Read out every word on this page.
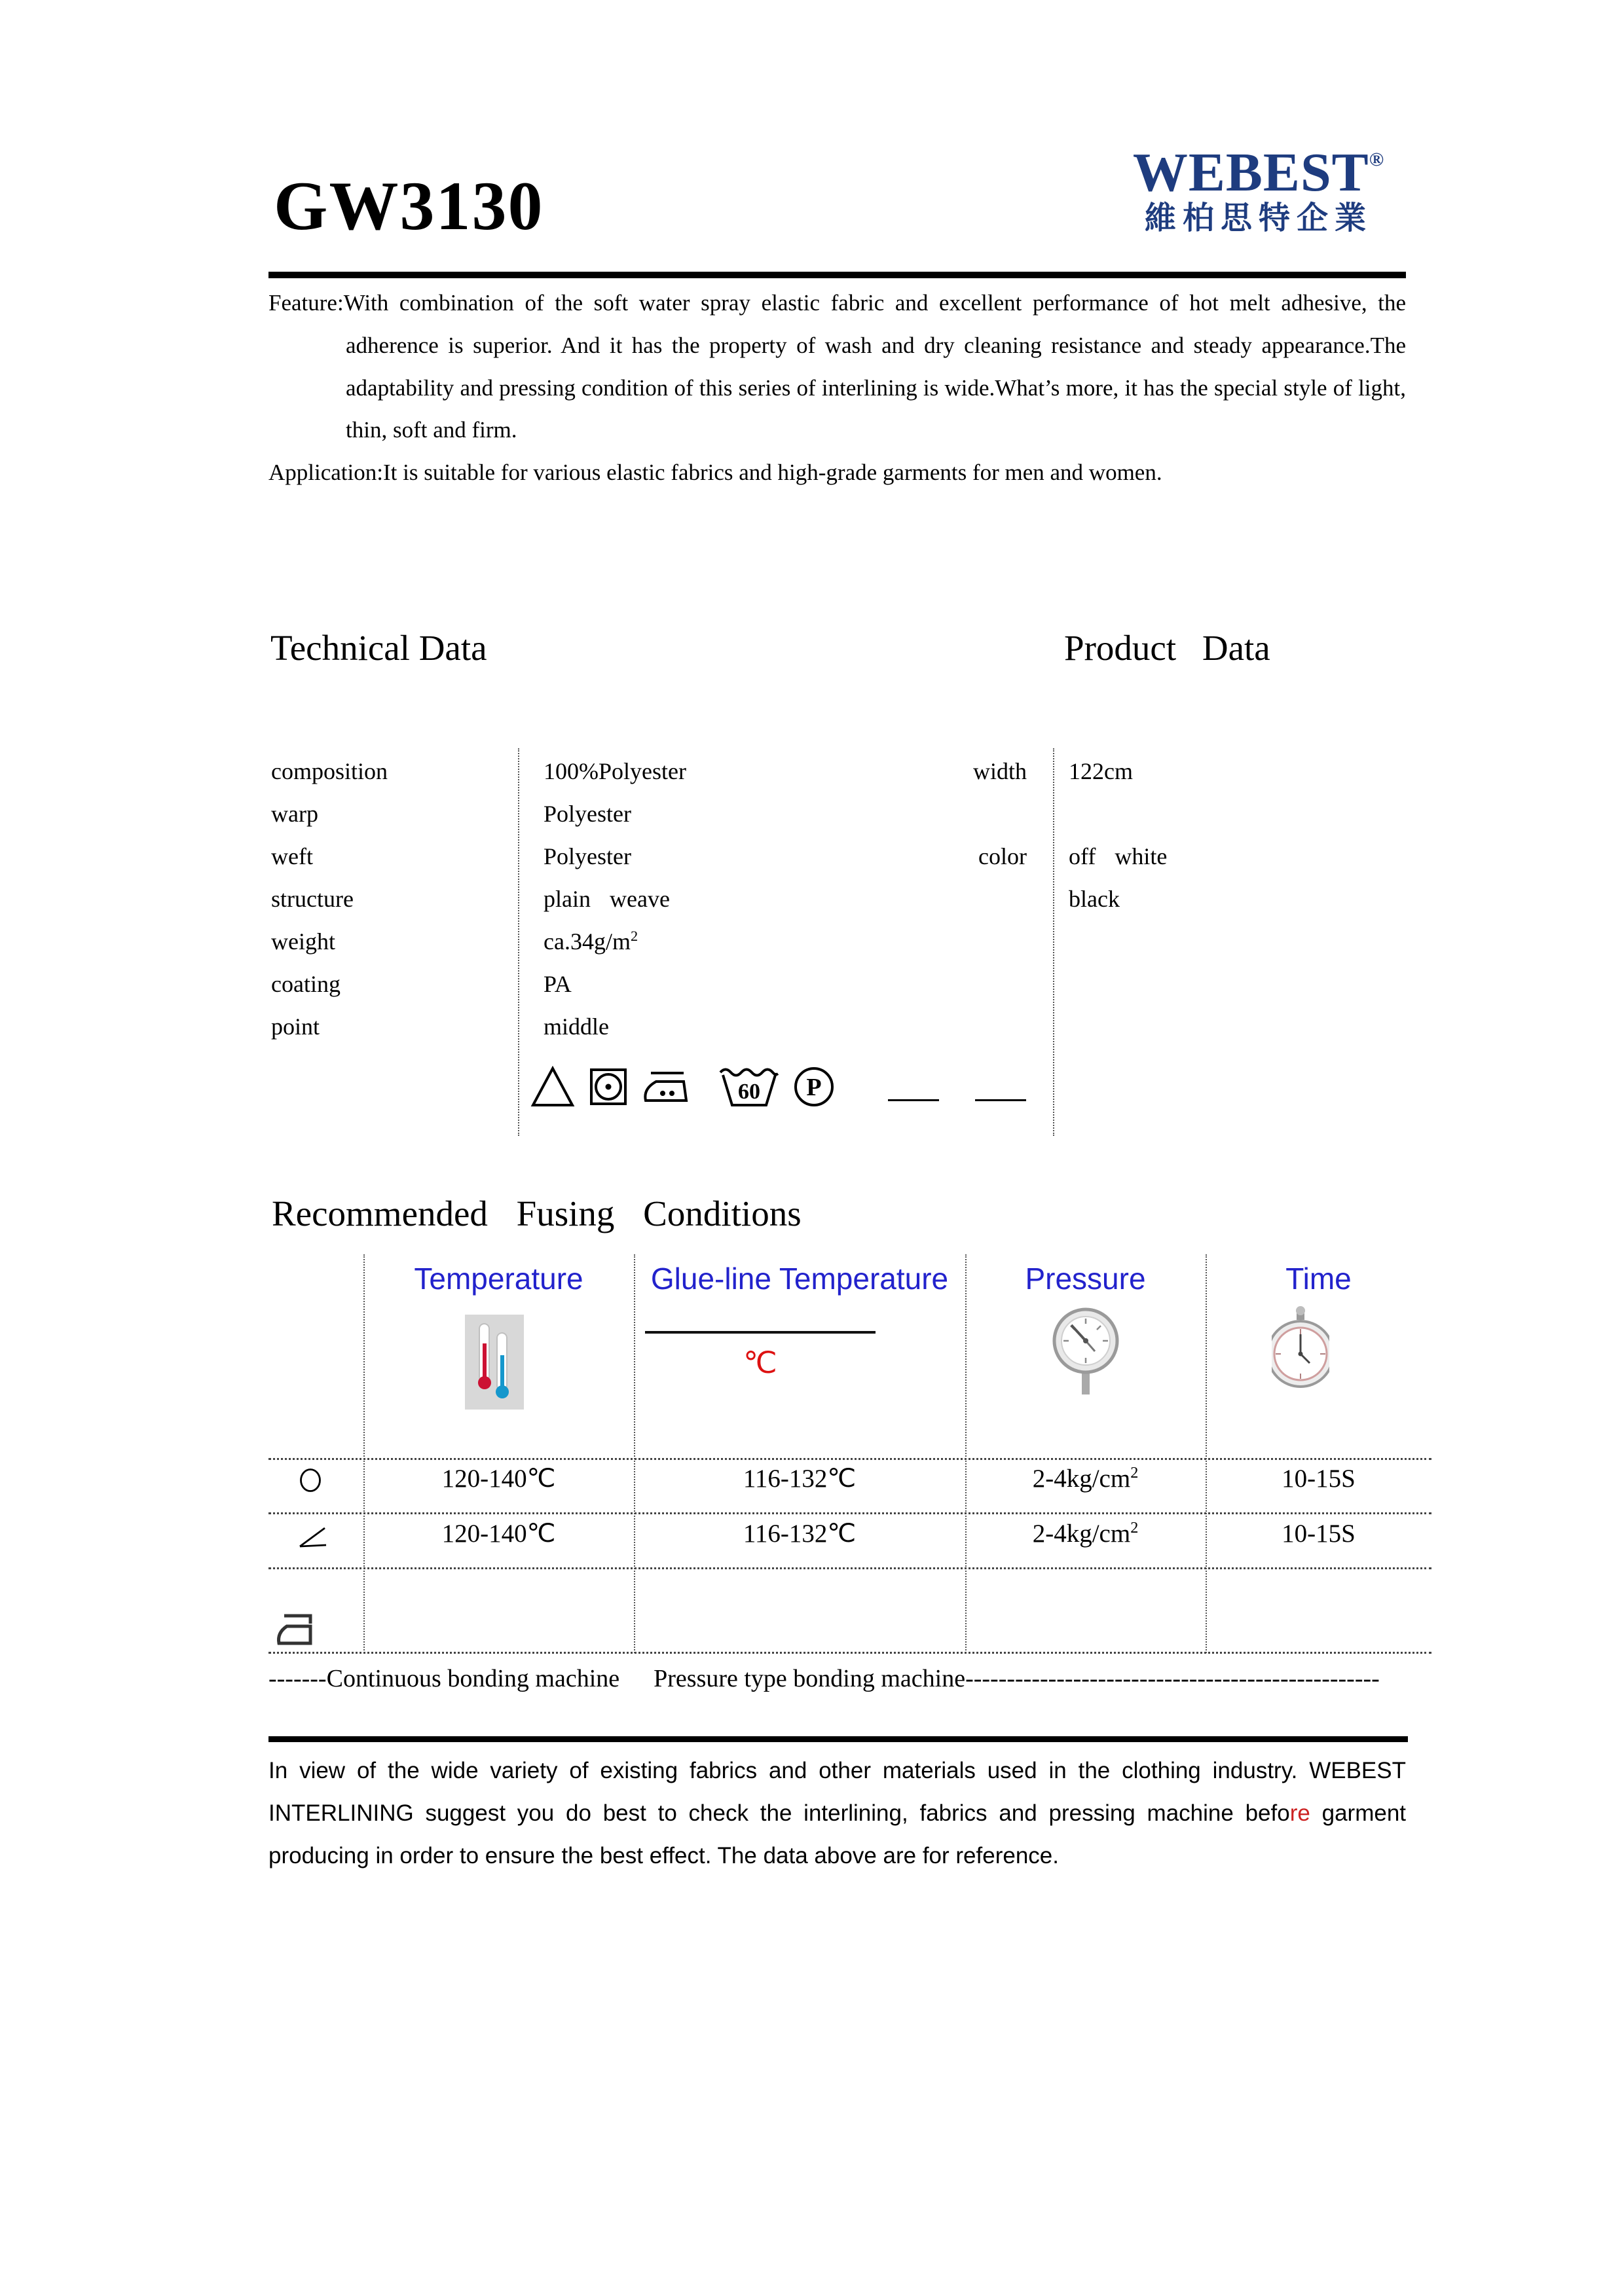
GW3130	WEBEST®
維柏思特企業

Feature:With combination of the soft water spray elastic fabric and excellent performance of hot melt adhesive, the adherence is superior. And it has the property of wash and dry cleaning resistance and steady appearance.The adaptability and pressing condition of this series of interlining is wide.What’s more, it has the special style of light, thin, soft and firm.

Application:It is suitable for various elastic fabrics and high-grade garments for men and women.

Technical Data	Product Data
composition	100%Polyester	width 122cm
warp	Polyester
weft	Polyester	color off white
structure	plain weave	black
weight	$ca.34g/m^2$
coating	PA
point	middle
60 P
Recommended Fusing Conditions
Temperature	Glue-line Temperature	Pressure	Time
℃
120-140℃	116-132℃	$2-4kg/cm^2$	10-15S
120-140℃	116-132℃	$2-4kg/cm^2$	10-15S
-------Continuous bonding machine Pressure type bonding machine--------------------------------------------------

In view of the wide variety of existing fabrics and other materials used in the clothing industry. WEBEST INTERLINING suggest you do best to check the interlining, fabrics and pressing machine before garment producing in order to ensure the best effect. The data above are for reference.
